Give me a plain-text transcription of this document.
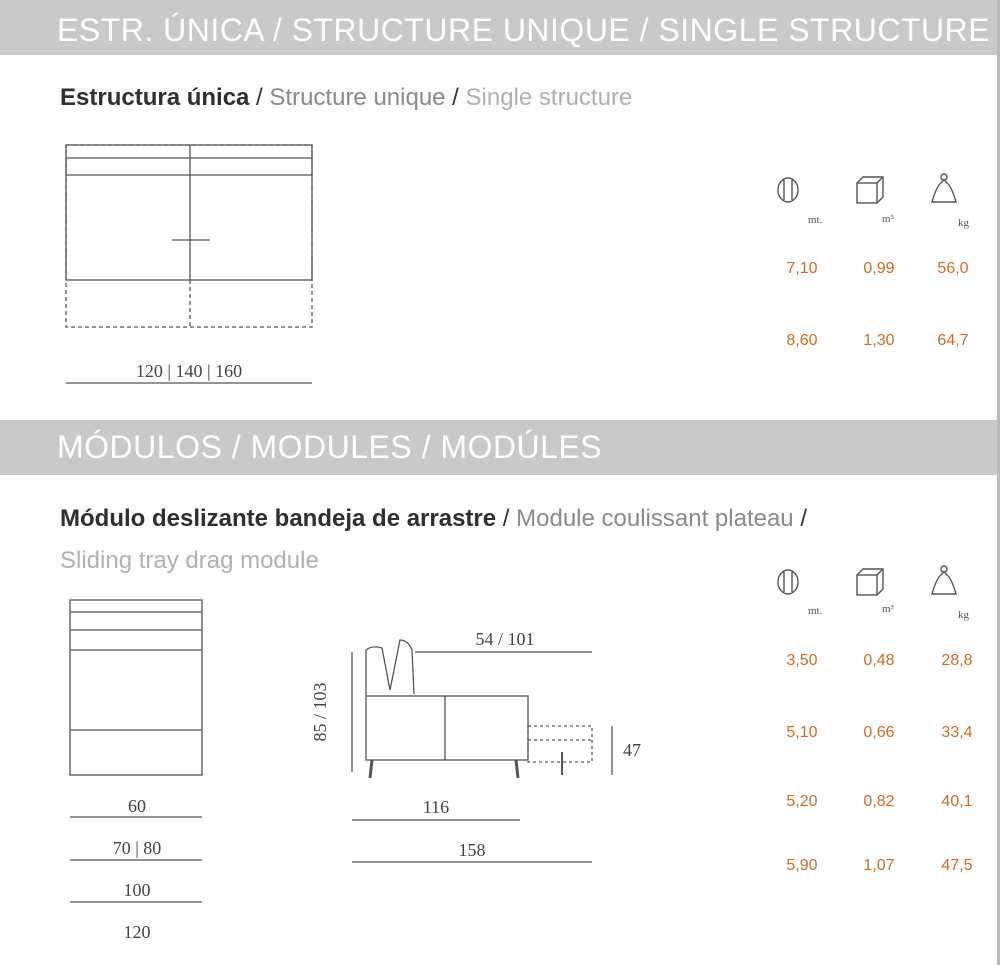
ESTR. ÚNICA / STRUCTURE UNIQUE / SINGLE STRUCTURE
Estructura única / Structure unique / Single structure
MÓDULOS / MODULES / MODÚLES
Módulo deslizante bandeja de arrastre / Module coulissant plateau /
Sliding tray drag module
120 | 140 | 160
mt.	m³	kg
7,10	0,99	56,0
8,60	1,30	64,7
60
70 | 80
100
120
54 / 101
85 / 103
47
116
158
mt.	m³	kg
3,50	0,48	28,8
5,10	0,66	33,4
5,20	0,82	40,1
5,90	1,07	47,5
